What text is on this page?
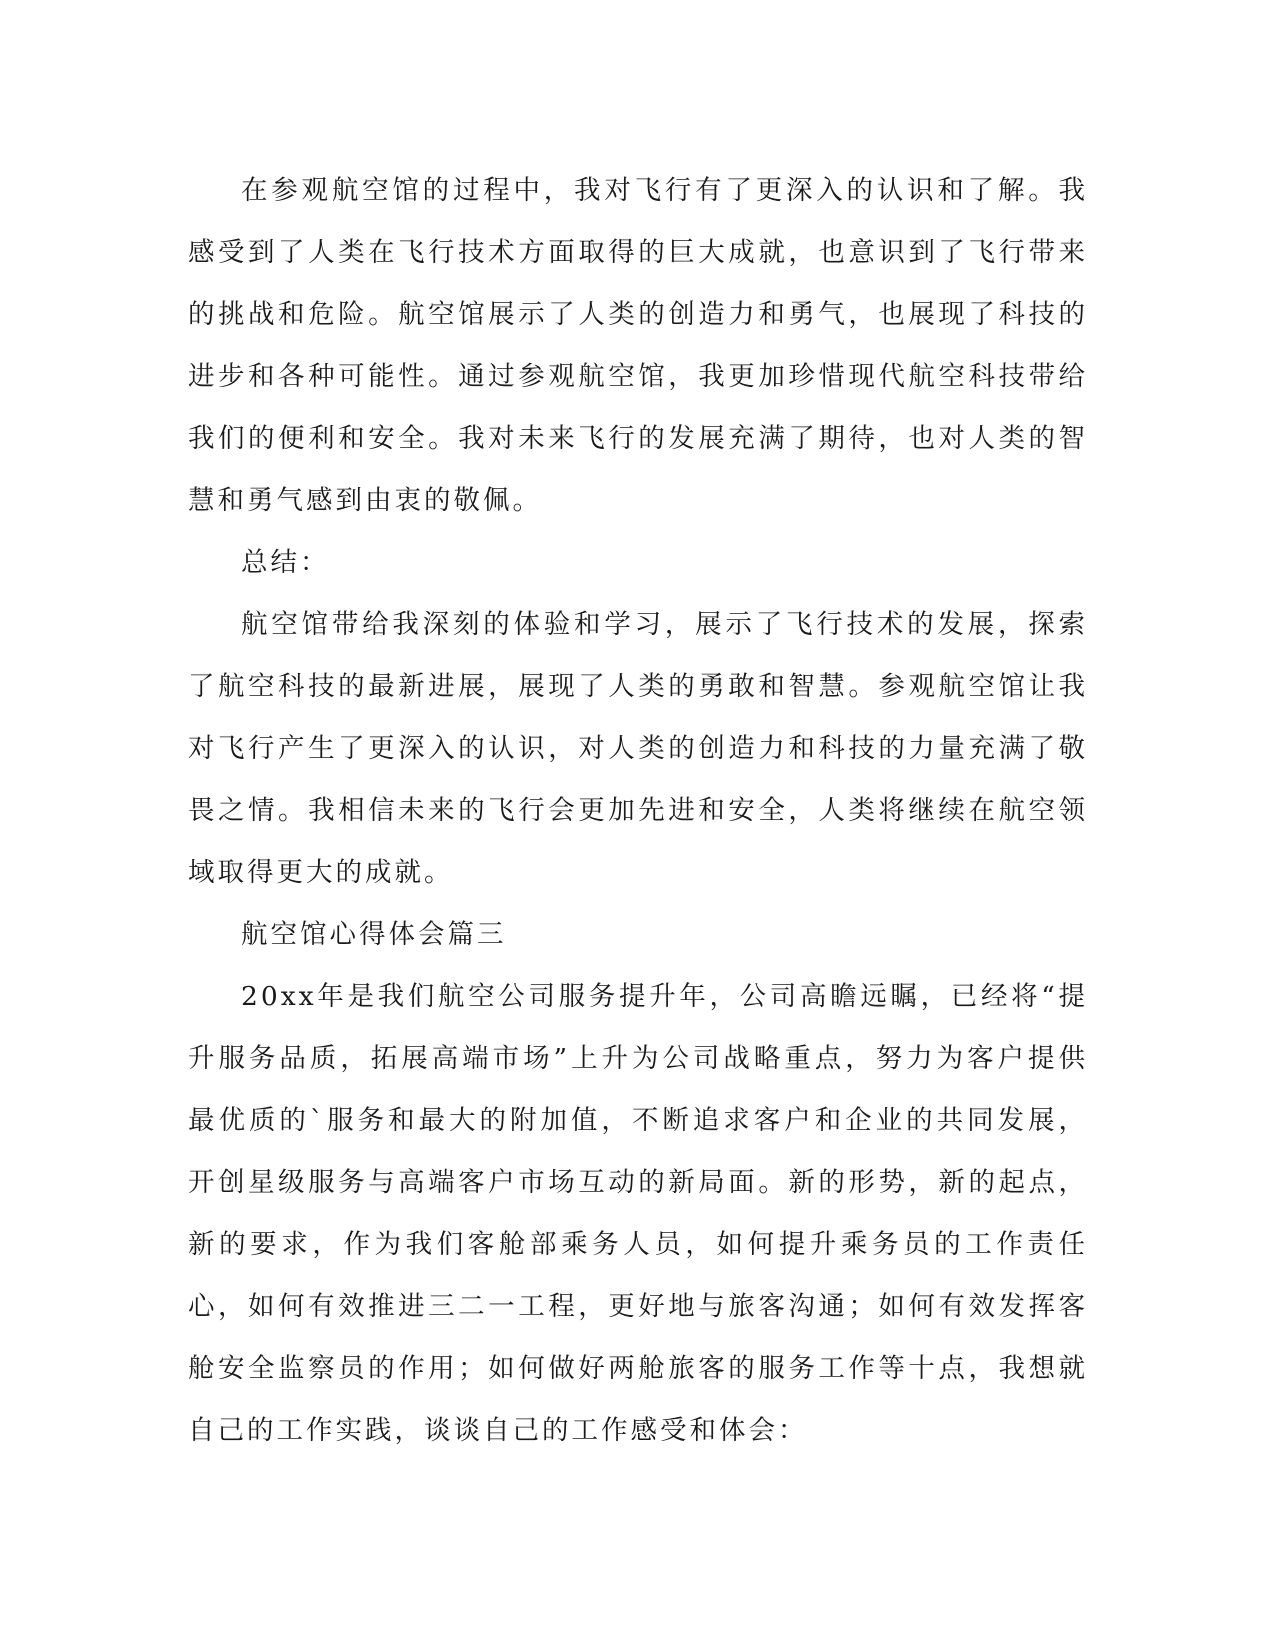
在参观航空馆的过程中，我对飞行有了更深入的认识和了解。我感受到了人类在飞行技术方面取得的巨大成就，也意识到了飞行带来的挑战和危险。航空馆展示了人类的创造力和勇气，也展现了科技的进步和各种可能性。通过参观航空馆，我更加珍惜现代航空科技带给我们的便利和安全。我对未来飞行的发展充满了期待，也对人类的智慧和勇气感到由衷的敬佩。

总结：

航空馆带给我深刻的体验和学习，展示了飞行技术的发展，探索了航空科技的最新进展，展现了人类的勇敢和智慧。参观航空馆让我对飞行产生了更深入的认识，对人类的创造力和科技的力量充满了敬畏之情。我相信未来的飞行会更加先进和安全，人类将继续在航空领域取得更大的成就。

航空馆心得体会篇三

20xx年是我们航空公司服务提升年，公司高瞻远瞩，已经将“提升服务品质，拓展高端市场”上升为公司战略重点，努力为客户提供最优质的`服务和最大的附加值，不断追求客户和企业的共同发展，开创星级服务与高端客户市场互动的新局面。新的形势，新的起点，新的要求，作为我们客舱部乘务人员，如何提升乘务员的工作责任心，如何有效推进三二一工程，更好地与旅客沟通；如何有效发挥客舱安全监察员的作用；如何做好两舱旅客的服务工作等十点，我想就自己的工作实践，谈谈自己的工作感受和体会：
